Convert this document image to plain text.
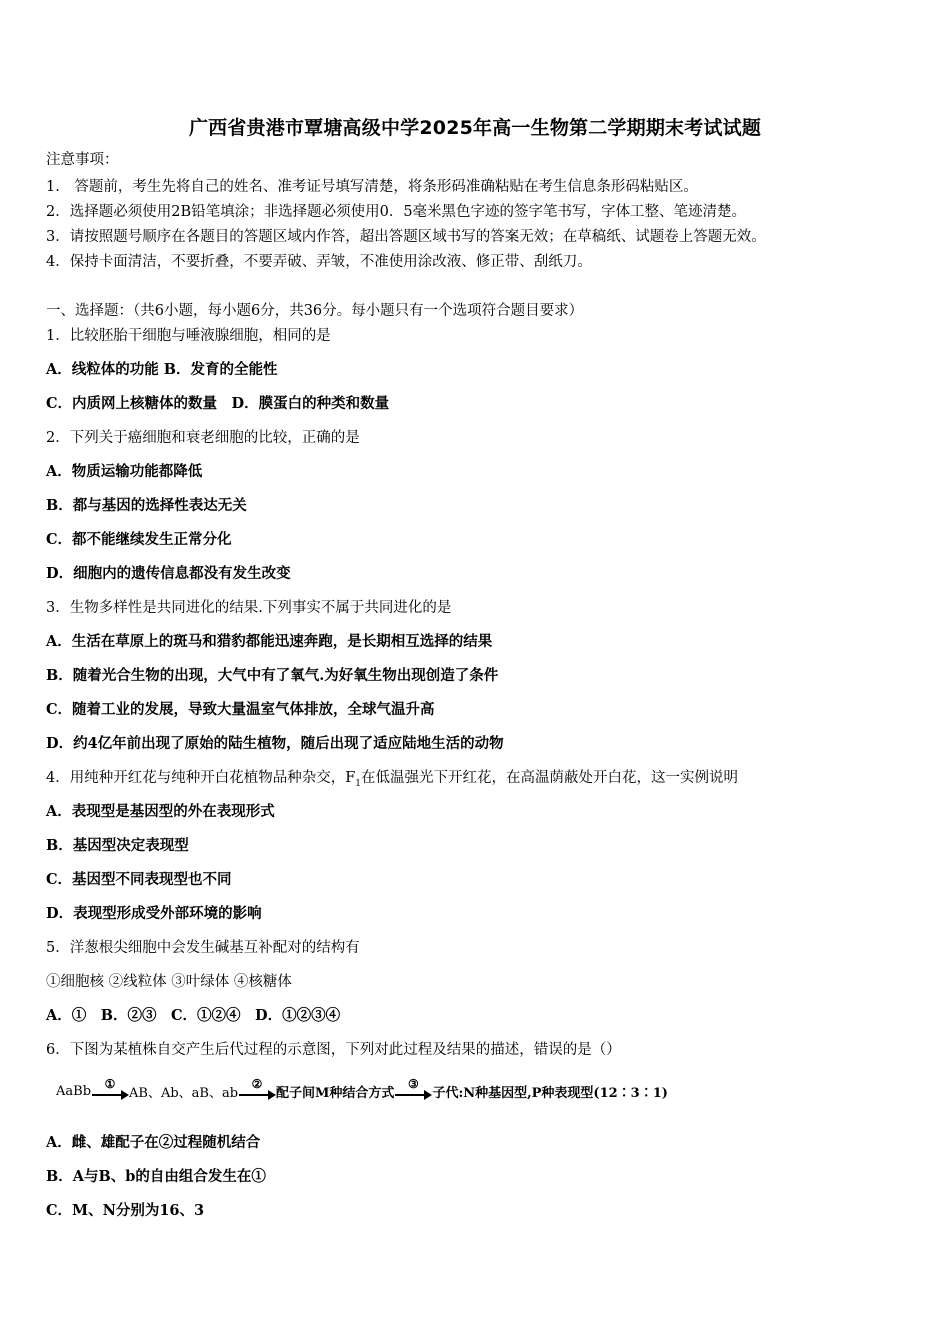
广西省贵港市覃塘高级中学2025年高一生物第二学期期末考试试题
注意事项：
1.　答题前，考生先将自己的姓名、准考证号填写清楚，将条形码准确粘贴在考生信息条形码粘贴区。
2．选择题必须使用2B铅笔填涂；非选择题必须使用0．5毫米黑色字迹的签字笔书写，字体工整、笔迹清楚。
3．请按照题号顺序在各题目的答题区域内作答，超出答题区域书写的答案无效；在草稿纸、试题卷上答题无效。
4．保持卡面清洁，不要折叠，不要弄破、弄皱，不准使用涂改液、修正带、刮纸刀。
一、选择题：（共6小题，每小题6分，共36分。每小题只有一个选项符合题目要求）
1．比较胚胎干细胞与唾液腺细胞，相同的是
A．线粒体的功能 B．发育的全能性
C．内质网上核糖体的数量　D．膜蛋白的种类和数量
2．下列关于癌细胞和衰老细胞的比较，正确的是
A．物质运输功能都降低
B．都与基因的选择性表达无关
C．都不能继续发生正常分化
D．细胞内的遗传信息都没有发生改变
3．生物多样性是共同进化的结果.下列事实不属于共同进化的是
A．生活在草原上的斑马和猎豹都能迅速奔跑，是长期相互选择的结果
B．随着光合生物的出现，大气中有了氧气.为好氧生物出现创造了条件
C．随着工业的发展，导致大量温室气体排放，全球气温升高
D．约4亿年前出现了原始的陆生植物，随后出现了适应陆地生活的动物
4．用纯种开红花与纯种开白花植物品种杂交，$F_1$在低温强光下开红花，在高温荫蔽处开白花，这一实例说明
A．表现型是基因型的外在表现形式
B．基因型决定表现型
C．基因型不同表现型也不同
D．表现型形成受外部环境的影响
5．洋葱根尖细胞中会发生碱基互补配对的结构有
①细胞核 ②线粒体 ③叶绿体 ④核糖体
A．①　B．②③　C．①②④　D．①②③④
6．下图为某植株自交产生后代过程的示意图，下列对此过程及结果的描述，错误的是（）
AaBb	①
AB、Ab、aB、ab
②
配子间M种结合方式
③
子代:N种基因型,P种表现型(12∶3∶1)
A．雌、雄配子在②过程随机结合
B．A与B、b的自由组合发生在①
C．M、N分别为16、3
